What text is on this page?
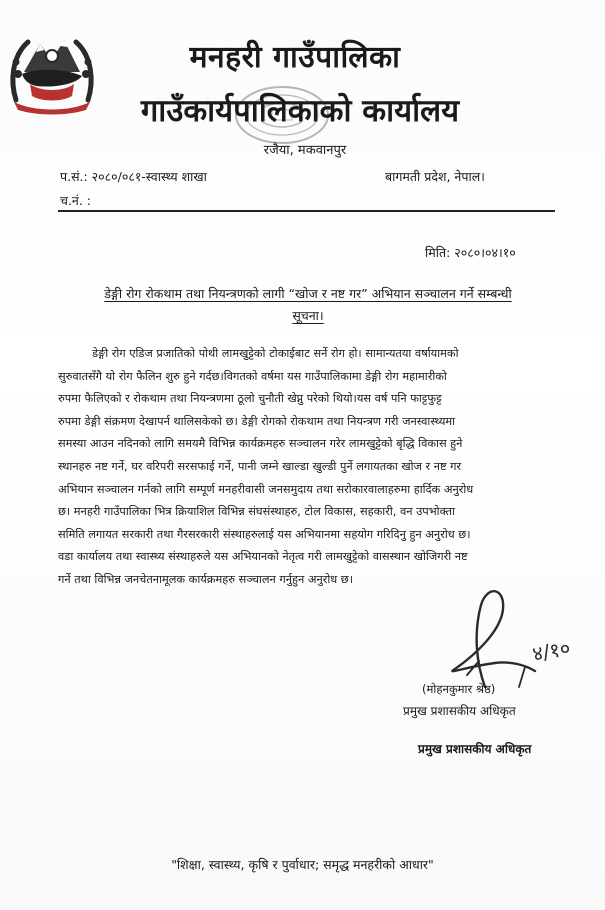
मनहरी गाउँपालिका
गाउँकार्यपालिकाको कार्यालय
रजैया, मकवानपुर
प.सं.: २०८०/०८१-स्वास्थ्य शाखा	बागमती प्रदेश, नेपाल।
च.नं. :
मिति: २०८०।०४।१०
डेङ्गी रोग रोकथाम तथा नियन्त्रणको लागी “खोज र नष्ट गर” अभियान सञ्चालन गर्ने सम्बन्धी
सूचना।
डेङ्गी रोग एडिज प्रजातिको पोथी लामखुट्टेको टोकाईबाट सर्ने रोग हो। सामान्यतया वर्षायामको
सुरुवातसँगै यो रोग फैलिन शुरु हुने गर्दछ।विगतको वर्षमा यस गाउँपालिकामा डेङ्गी रोग महामारीको
रुपमा फैलिएको र रोकथाम तथा नियन्त्रणमा ठूलो चुनौती खेप्नु परेको थियो।यस वर्ष पनि फाट्टफुट्ट
रुपमा डेङ्गी संक्रमण देखापर्न थालिसकेको छ। डेङ्गी रोगको रोकथाम तथा नियन्त्रण गरी जनस्वास्थ्यमा
समस्या आउन नदिनको लागि समयमै विभिन्न कार्यक्रमहरु सञ्चालन गरेर लामखुट्टेको बृद्धि विकास हुने
स्थानहरु नष्ट गर्ने, घर वरिपरी सरसफाई गर्ने, पानी जम्ने खाल्डा खुल्डी पुर्ने लगायतका खोज र नष्ट गर
अभियान सञ्चालन गर्नको लागि सम्पूर्ण मनहरीवासी जनसमुदाय तथा सरोकारवालाहरुमा हार्दिक अनुरोध
छ। मनहरी गाउँपालिका भित्र क्रियाशिल विभिन्न संघसंस्थाहरु, टोल विकास, सहकारी, वन उपभोक्ता
समिति लगायत सरकारी तथा गैरसरकारी संस्थाहरुलाई यस अभियानमा सहयोग गरिदिनु हुन अनुरोध छ।
वडा कार्यालय तथा स्वास्थ्य संस्थाहरुले यस अभियानको नेतृत्व गरी लामखुट्टेको वासस्थान खोजिगरी नष्ट
गर्ने तथा विभिन्न जनचेतनामूलक कार्यक्रमहरु सञ्चालन गर्नुहुन अनुरोध छ।
४/१०
(मोहनकुमार श्रेष्ठ)
प्रमुख प्रशासकीय अधिकृत
प्रमुख प्रशासकीय अधिकृत
"शिक्षा, स्वास्थ्य, कृषि र पुर्वाधार; समृद्ध मनहरीको आधार"
